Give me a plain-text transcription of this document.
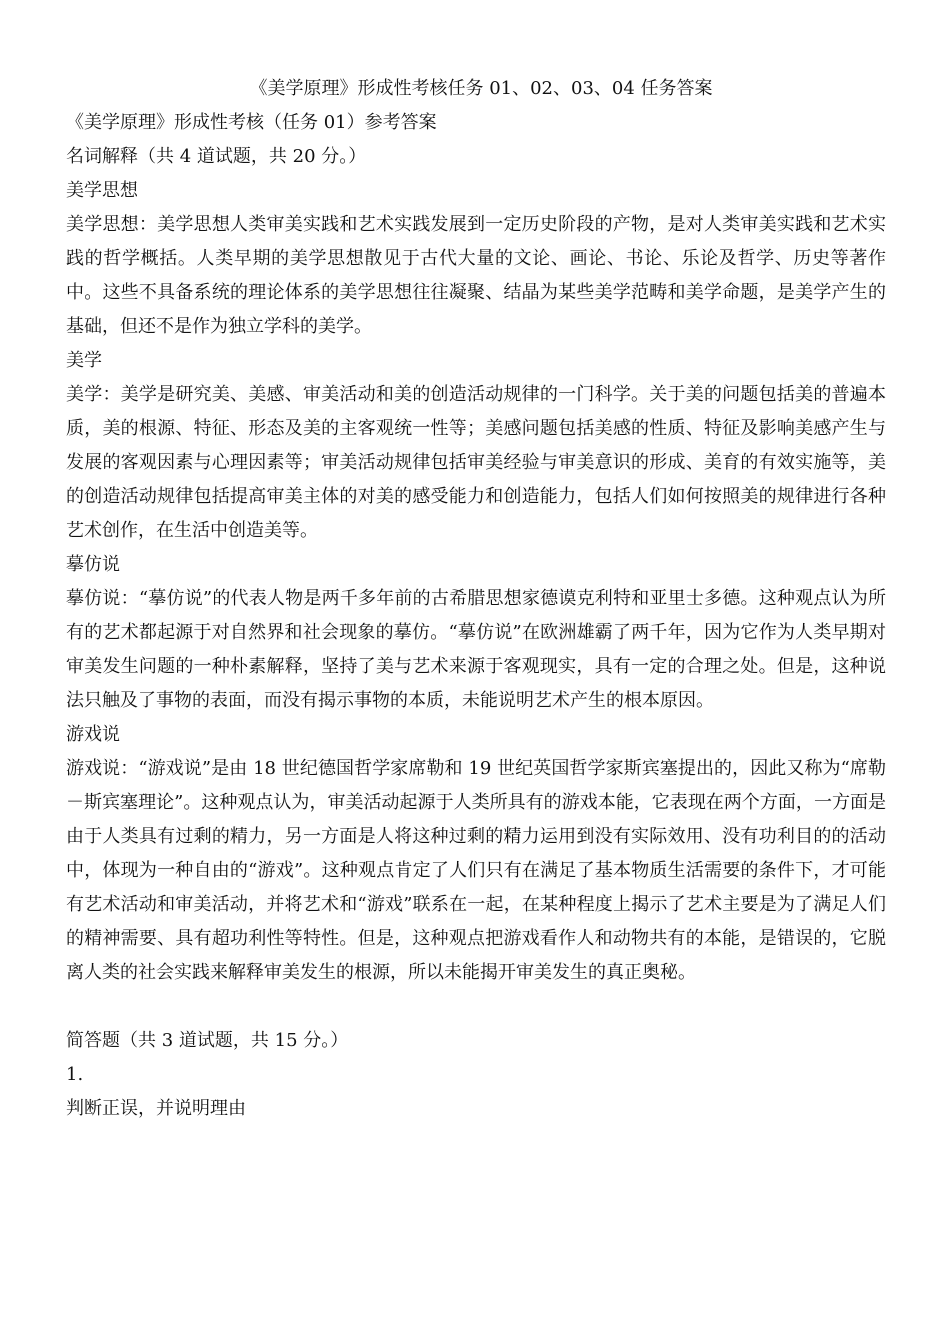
《美学原理》形成性考核任务 01、02、03、04 任务答案

《美学原理》形成性考核（任务 01）参考答案

名词解释（共 4 道试题，共 20 分。）

美学思想

美学思想：美学思想人类审美实践和艺术实践发展到一定历史阶段的产物，是对人类审美实践和艺术实践的哲学概括。人类早期的美学思想散见于古代大量的文论、画论、书论、乐论及哲学、历史等著作中。这些不具备系统的理论体系的美学思想往往凝聚、结晶为某些美学范畴和美学命题，是美学产生的基础，但还不是作为独立学科的美学。

美学

美学：美学是研究美、美感、审美活动和美的创造活动规律的一门科学。关于美的问题包括美的普遍本质，美的根源、特征、形态及美的主客观统一性等；美感问题包括美感的性质、特征及影响美感产生与发展的客观因素与心理因素等；审美活动规律包括审美经验与审美意识的形成、美育的有效实施等，美的创造活动规律包括提高审美主体的对美的感受能力和创造能力，包括人们如何按照美的规律进行各种艺术创作，在生活中创造美等。

摹仿说

摹仿说：“摹仿说”的代表人物是两千多年前的古希腊思想家德谟克利特和亚里士多德。这种观点认为所有的艺术都起源于对自然界和社会现象的摹仿。“摹仿说”在欧洲雄霸了两千年，因为它作为人类早期对审美发生问题的一种朴素解释，坚持了美与艺术来源于客观现实，具有一定的合理之处。但是，这种说法只触及了事物的表面，而没有揭示事物的本质，未能说明艺术产生的根本原因。

游戏说

游戏说：“游戏说”是由 18 世纪德国哲学家席勒和 19 世纪英国哲学家斯宾塞提出的，因此又称为“席勒－斯宾塞理论”。这种观点认为，审美活动起源于人类所具有的游戏本能，它表现在两个方面，一方面是由于人类具有过剩的精力，另一方面是人将这种过剩的精力运用到没有实际效用、没有功利目的的活动中，体现为一种自由的“游戏”。这种观点肯定了人们只有在满足了基本物质生活需要的条件下，才可能有艺术活动和审美活动，并将艺术和“游戏”联系在一起，在某种程度上揭示了艺术主要是为了满足人们的精神需要、具有超功利性等特性。但是，这种观点把游戏看作人和动物共有的本能，是错误的，它脱离人类的社会实践来解释审美发生的根源，所以未能揭开审美发生的真正奥秘。

简答题（共 3 道试题，共 15 分。）

1.

判断正误，并说明理由
